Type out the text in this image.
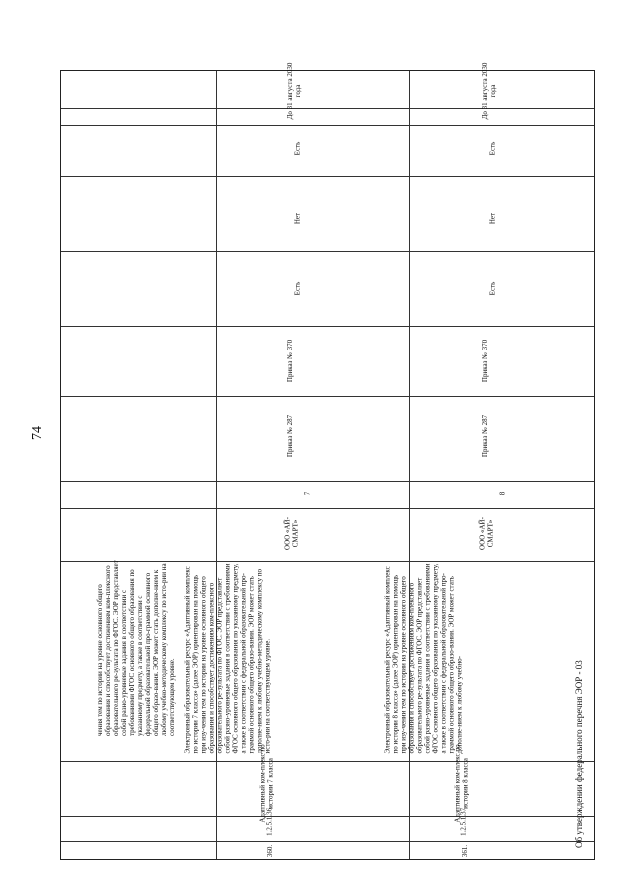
74
чения тем по истории на уровне основного общего образования и способствует достижениям ком-плексного образовательного ре-зультата по ФГОС. ЭОР представляет собой разно-уровневые задания в соответствии с требованиями ФГОС основного общего образования по указанному предмету, а также в соответствии с федеральной образовательной про-граммой основного общего образо-вания. ЭОР может стать дополне-нием к любому учебно-методическому комплексу по исто-рии на соответствующем уровне.
360.
1.2.5.1.36.
Адаптивный ком-плекс по истории 7 класса
Электронный образовательный ресурс «Адаптивный комплекс по истории 7 класса» (далее ЭОР) ориентирован на помощь при изу-чении тем по истории на уровне основного общего образования и способствует достижениям ком-плексного образовательного ре-зультата по ФГОС. ЭОР представляет собой разно-уровневые задания в соответствии с требованиями ФГОС основного общего образования по указанному предмету, а также в соответствии с федеральной образовательной про-граммой основного общего образо-вания. ЭОР может стать дополне-нием к любому учебно-методическому комплексу по исто-рии на соответствующем уровне.
ООО «АЙ-СМАРТ»
7
Приказ № 287
Приказ № 370
Есть
Нет
Есть
До 31 августа 2030 года
361.
1.2.5.1.37.
Адаптивный ком-плекс по истории 8 класса
Электронный образовательный ресурс «Адаптивный комплекс по истории 8 класса» (далее ЭОР) ориентирован на помощь при изу-чении тем по истории на уровне основного общего образования и способствует достижениям ком-плексного образовательного ре-зультата по ФГОС. ЭОР представляет собой разно-уровневые задания в соответствии с требованиями ФГОС основного общего образования по указанному предмету, а также в соответствии с федеральной образовательной про-граммой основного общего образо-вания. ЭОР может стать дополне-нием к любому учебно-
ООО «АЙ-СМАРТ»
8
Приказ № 287
Приказ № 370
Есть
Нет
Есть
До 31 августа 2030 года
Об утверждении федерального перечня ЭОР - 03
